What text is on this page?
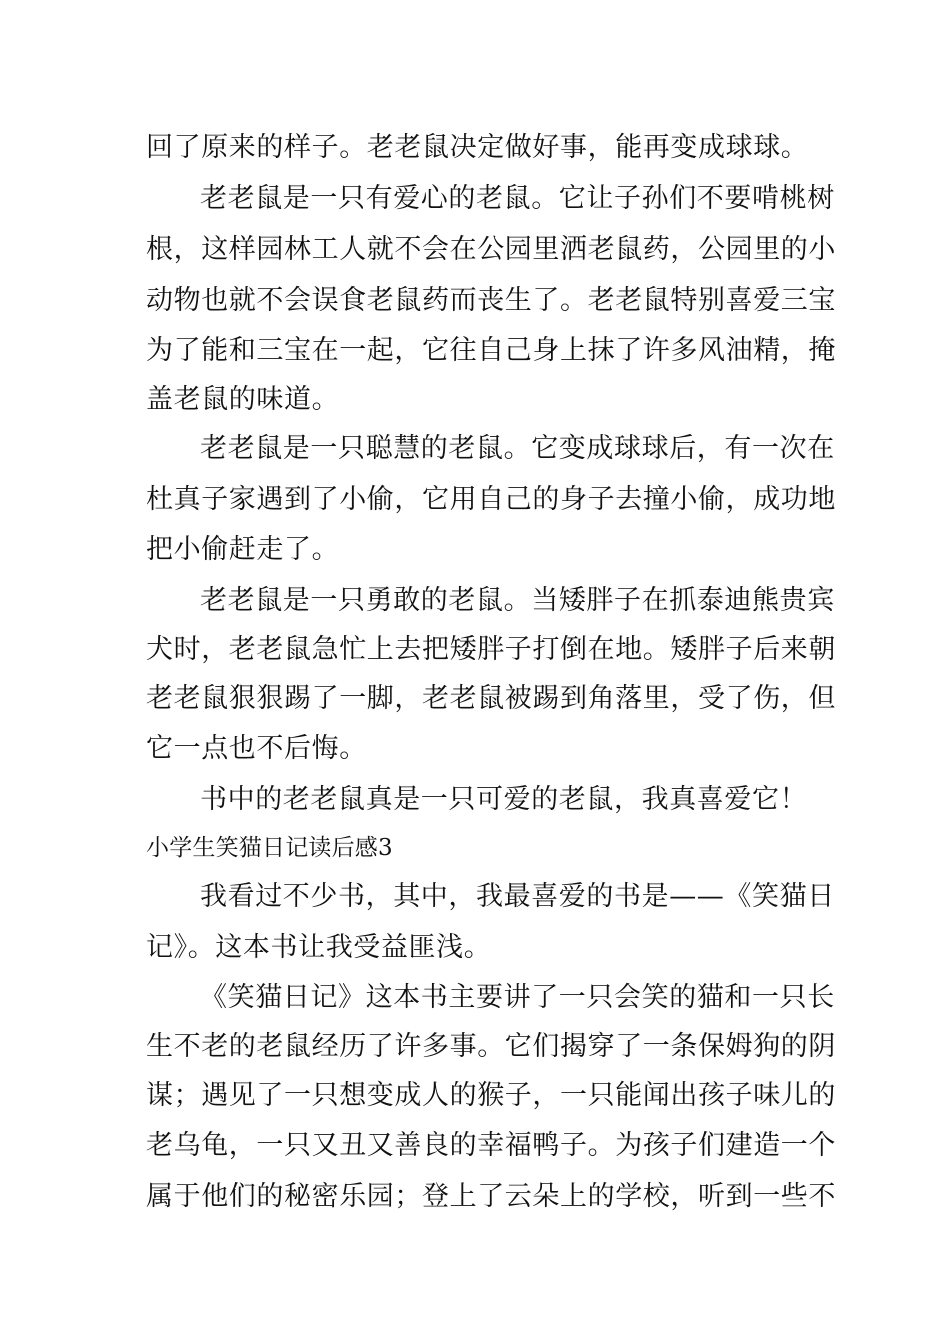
回了原来的样子。老老鼠决定做好事，能再变成球球。
老老鼠是一只有爱心的老鼠。它让子孙们不要啃桃树
根，这样园林工人就不会在公园里洒老鼠药，公园里的小
动物也就不会误食老鼠药而丧生了。老老鼠特别喜爱三宝
为了能和三宝在一起，它往自己身上抹了许多风油精，掩
盖老鼠的味道。
老老鼠是一只聪慧的老鼠。它变成球球后，有一次在
杜真子家遇到了小偷，它用自己的身子去撞小偷，成功地
把小偷赶走了。
老老鼠是一只勇敢的老鼠。当矮胖子在抓泰迪熊贵宾
犬时，老老鼠急忙上去把矮胖子打倒在地。矮胖子后来朝
老老鼠狠狠踢了一脚，老老鼠被踢到角落里，受了伤，但
它一点也不后悔。
书中的老老鼠真是一只可爱的老鼠，我真喜爱它！
小学生笑猫日记读后感3
我看过不少书，其中，我最喜爱的书是——《笑猫日
记》。这本书让我受益匪浅。
《笑猫日记》这本书主要讲了一只会笑的猫和一只长
生不老的老鼠经历了许多事。它们揭穿了一条保姆狗的阴
谋；遇见了一只想变成人的猴子，一只能闻出孩子味儿的
老乌龟，一只又丑又善良的幸福鸭子。为孩子们建造一个
属于他们的秘密乐园；登上了云朵上的学校，听到一些不
